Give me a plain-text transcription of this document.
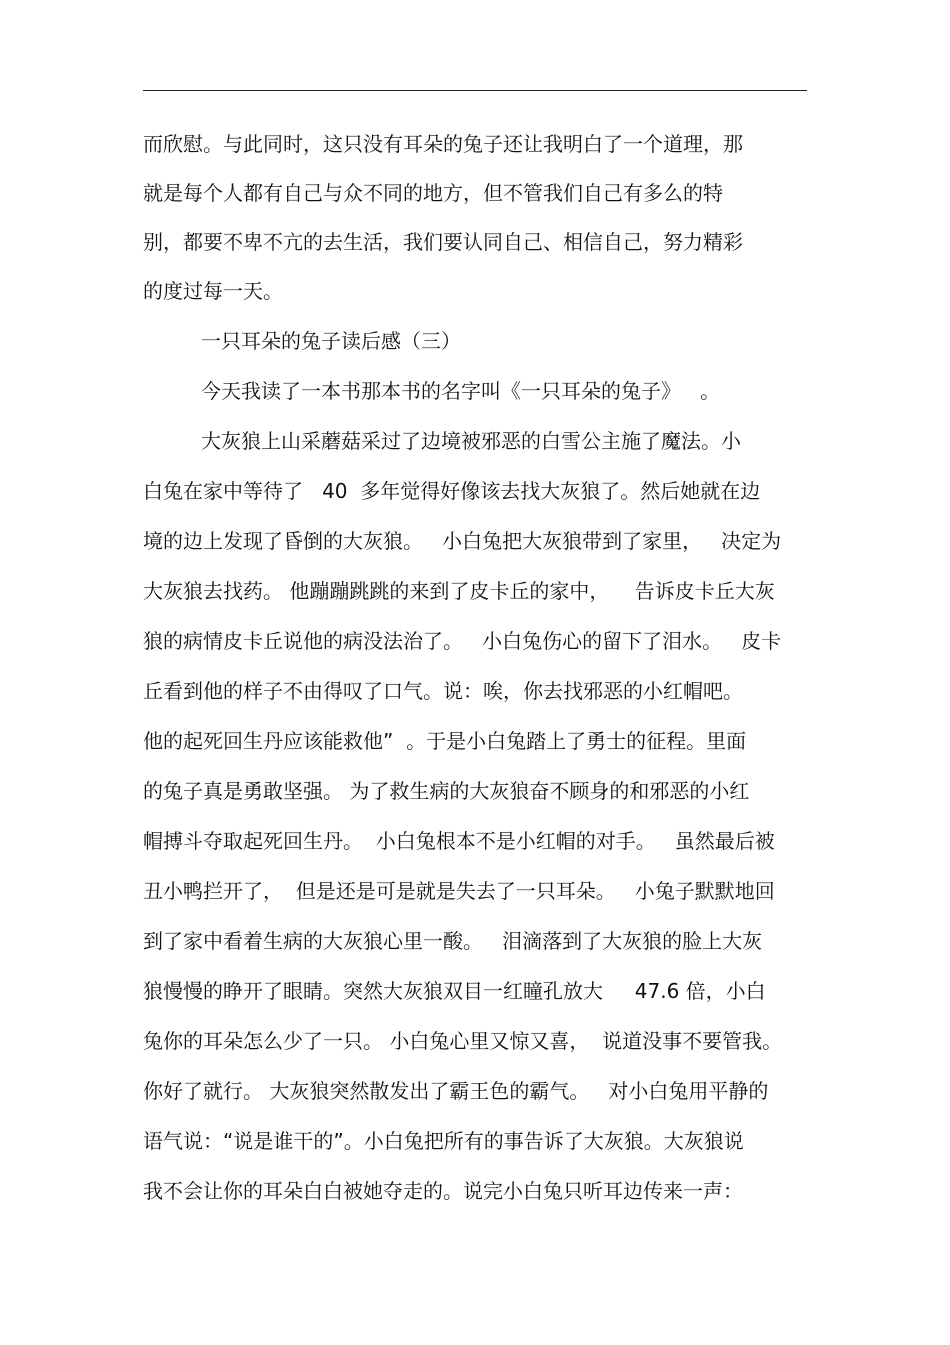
而欣慰。与此同时，这只没有耳朵的兔子还让我明白了一个道理，那
就是每个人都有自己与众不同的地方，但不管我们自己有多么的特
别，都要不卑不亢的去生活，我们要认同自己、相信自己，努力精彩
的度过每一天。
一只耳朵的兔子读后感（三）
今天我读了一本书那本书的名字叫《一只耳朵的兔子》   。
大灰狼上山采蘑菇采过了边境被邪恶的白雪公主施了魔法。小
白兔在家中等待了   40  多年觉得好像该去找大灰狼了。然后她就在边
境的边上发现了昏倒的大灰狼。   小白兔把大灰狼带到了家里，   决定为
大灰狼去找药。 他蹦蹦跳跳的来到了皮卡丘的家中，    告诉皮卡丘大灰
狼的病情皮卡丘说他的病没法治了。   小白兔伤心的留下了泪水。   皮卡
丘看到他的样子不由得叹了口气。说：唉，你去找邪恶的小红帽吧。
他的起死回生丹应该能救他”  。于是小白兔踏上了勇士的征程。里面
的兔子真是勇敢坚强。 为了救生病的大灰狼奋不顾身的和邪恶的小红
帽搏斗夺取起死回生丹。  小白兔根本不是小红帽的对手。   虽然最后被
丑小鸭拦开了，  但是还是可是就是失去了一只耳朵。   小兔子默默地回
到了家中看着生病的大灰狼心里一酸。   泪滴落到了大灰狼的脸上大灰
狼慢慢的睁开了眼睛。突然大灰狼双目一红瞳孔放大     47.6 倍，小白
兔你的耳朵怎么少了一只。 小白兔心里又惊又喜，  说道没事不要管我。
你好了就行。 大灰狼突然散发出了霸王色的霸气。   对小白兔用平静的
语气说：“说是谁干的”。小白兔把所有的事告诉了大灰狼。大灰狼说
我不会让你的耳朵白白被她夺走的。说完小白兔只听耳边传来一声：
